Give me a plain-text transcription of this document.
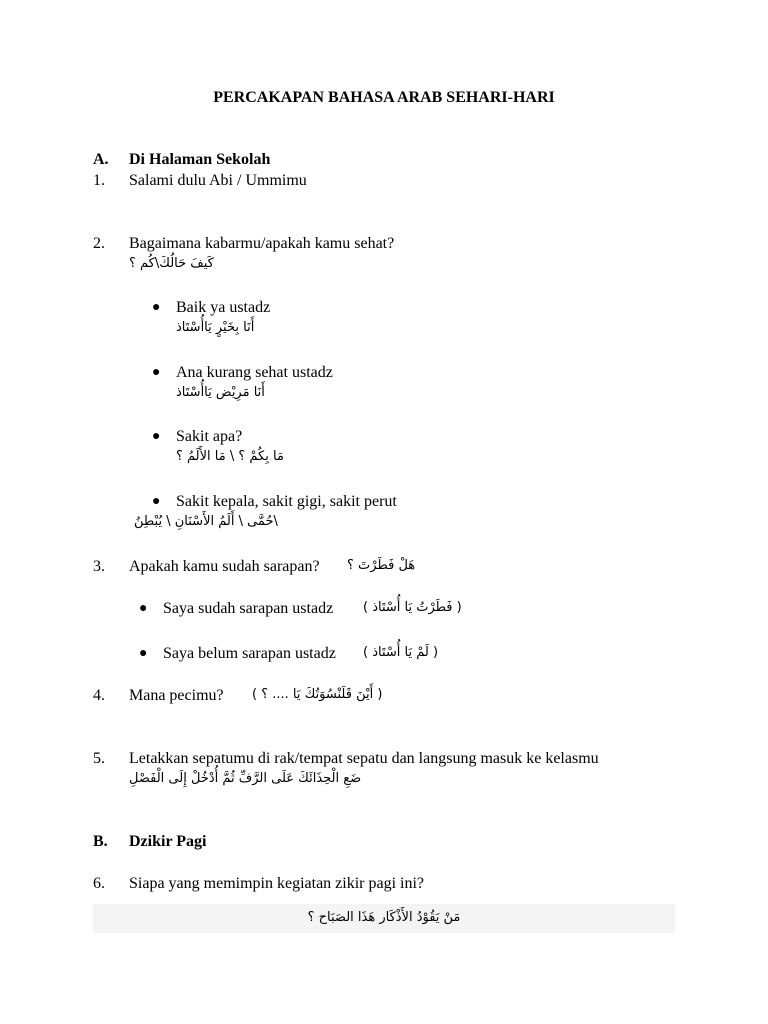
PERCAKAPAN BAHASA ARAB SEHARI-HARI
A. Di Halaman Sekolah
1. Salami dulu Abi / Ummimu
2. Bagaimana kabarmu/apakah kamu sehat?
كَيفَ حَالُكَ\كُم ؟
● Baik ya ustadz
أَنَا بِخَيْرٍ يَاأُسْتَاذ
● Ana kurang sehat ustadz
أَنَا مَرِيْض يَاأُسْتَاذ
● Sakit apa?
مَا بِكُمْ ؟ \ مَا الأَلَمُ ؟
● Sakit kepala, sakit gigi, sakit perut
\حُمَّى \ أَلَمُ الأَسْنَانِ \ يُبْطِنُ
3. Apakah kamu sudah sarapan? هَلْ فَطَرْتَ ؟
● Saya sudah sarapan ustadz ( فَطَرْتُ يَا أُسْتَاذ )
● Saya belum sarapan ustadz ( لَمْ يَا أُسْتَاذ )
4. Mana pecimu? ( أَيْنَ قَلَنْسُوَتُكَ يَا .... ؟ )
5. Letakkan sepatumu di rak/tempat sepatu dan langsung masuk ke kelasmu
ضَعِ الْحِذَائَكَ عَلَى الرَّفِّ ثُمَّ أُدْخُلْ إِلَى الْفَصْلِ
B. Dzikir Pagi
6. Siapa yang memimpin kegiatan zikir pagi ini?
مَنْ يَقُوْدُ الأَذْكَار هَذَا الصَبَاح ؟
